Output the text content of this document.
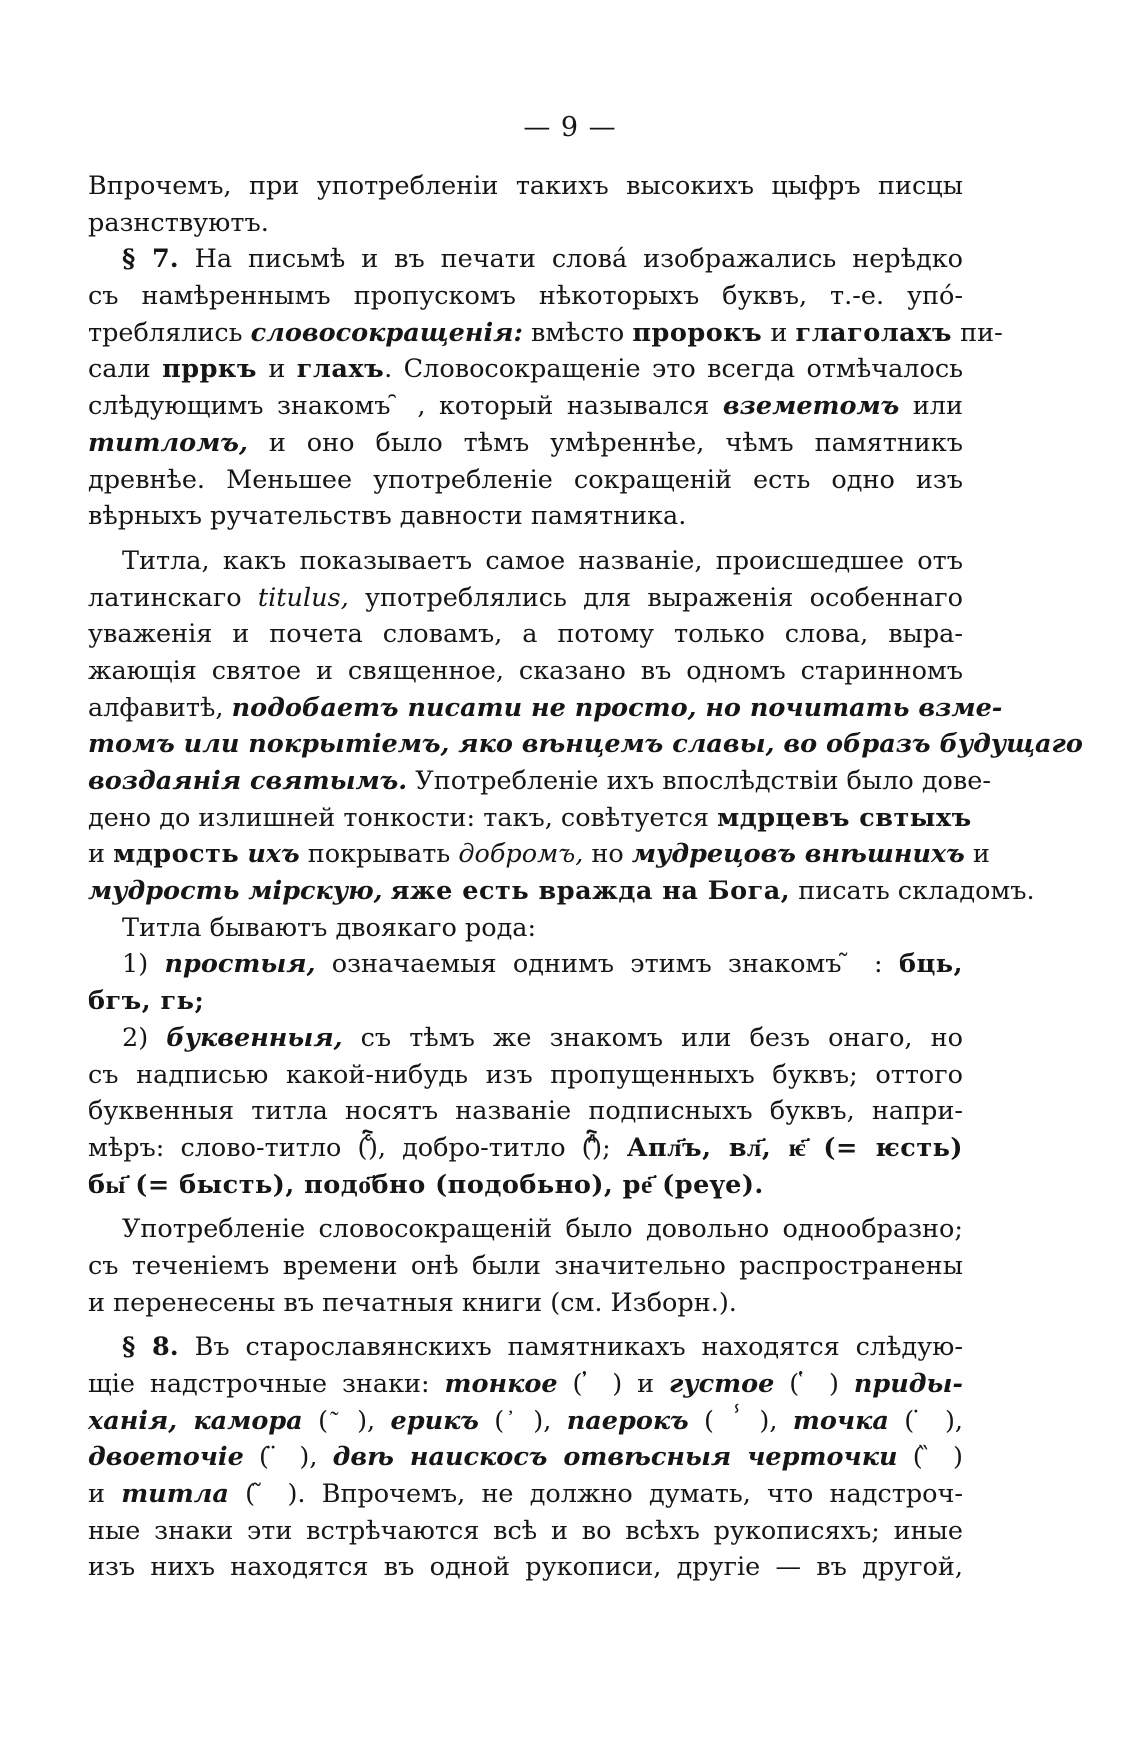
— 9 —
Впрочемъ, при употребленіи такихъ высокихъ цыфръ писцы
разнствуютъ.
§ 7. На письмѣ и въ печати слова́ изображались нерѣдко
съ намѣреннымъ пропускомъ нѣкоторыхъ буквъ, т.-е. упо́-
треблялись словосокращенія: вмѣсто пророкъ и глаголахъ пи-
сали прркъ и глахъ. Словосокращеніе это всегда отмѣчалось
слѣдующимъ знакомъ ̑ , который назывался вземетомъ или
титломъ, и оно было тѣмъ умѣреннѣе, чѣмъ памятникъ
древнѣе. Меньшее употребленіе сокращеній есть одно изъ
вѣрныхъ ручательствъ давности памятника.
Титла, какъ показываетъ самое названіе, происшедшее отъ
латинскаго titulus, употреблялись для выраженія особеннаго
уваженія и почета словамъ, а потому только слова, выра-
жающія святое и священное, сказано въ одномъ старинномъ
алфавитѣ, подобаетъ писати не просто, но почитать взме-
томъ или покрытіемъ, яко вѣнцемъ славы, во образъ будущаго
воздаянія святымъ. Употребленіе ихъ впослѣдствіи было дове-
дено до излишней тонкости: такъ, совѣтуется мдрцевъ свтыхъ
и мдрость ихъ покрывать добромъ, но мудрецовъ внѣшнихъ и
мудрость мірскую, яже есть вражда на Бога, писать складомъ.
Титла бываютъ двоякаго рода:
1) простыя, означаемыя однимъ этимъ знакомъ ̃ : бць,
бгъ, гь;
2) буквенныя, съ тѣмъ же знакомъ или безъ онаго, но
съ надписью какой-нибудь изъ пропущенныхъ буквъ; оттого
буквенныя титла носятъ названіе подписныхъ буквъ, напри-
мѣръ: слово-титло (ⷭ҇), добро-титло (ⷣ҇); Апл҃ъ, вл҃, ѥ҃ (= ѥсть)
бы҃ (= бысть), подо҃бно (подобьно), ре҃ (реүе).
Употребленіе словосокращеній было довольно однообразно;
съ теченіемъ времени онѣ были значительно распространены
и перенесены въ печатныя книги (см. Изборн.).
§ 8. Въ старославянскихъ памятникахъ находятся слѣдую-
щіе надстрочные знаки: тонкое ( ̓ ) и густое ( ̔ ) приды-
ханія, камора ( ͂ ), ерикъ ( ҆ ), паерокъ ( ⸯ ), точка ( ̇ ),
двоеточіе ( ̈ ), двѣ наискосъ отвѣсныя черточки ( ̏ )
и титла ( ̃ ). Впрочемъ, не должно думать, что надстроч-
ные знаки эти встрѣчаются всѣ и во всѣхъ рукописяхъ; иные
изъ нихъ находятся въ одной рукописи, другіе — въ другой,
